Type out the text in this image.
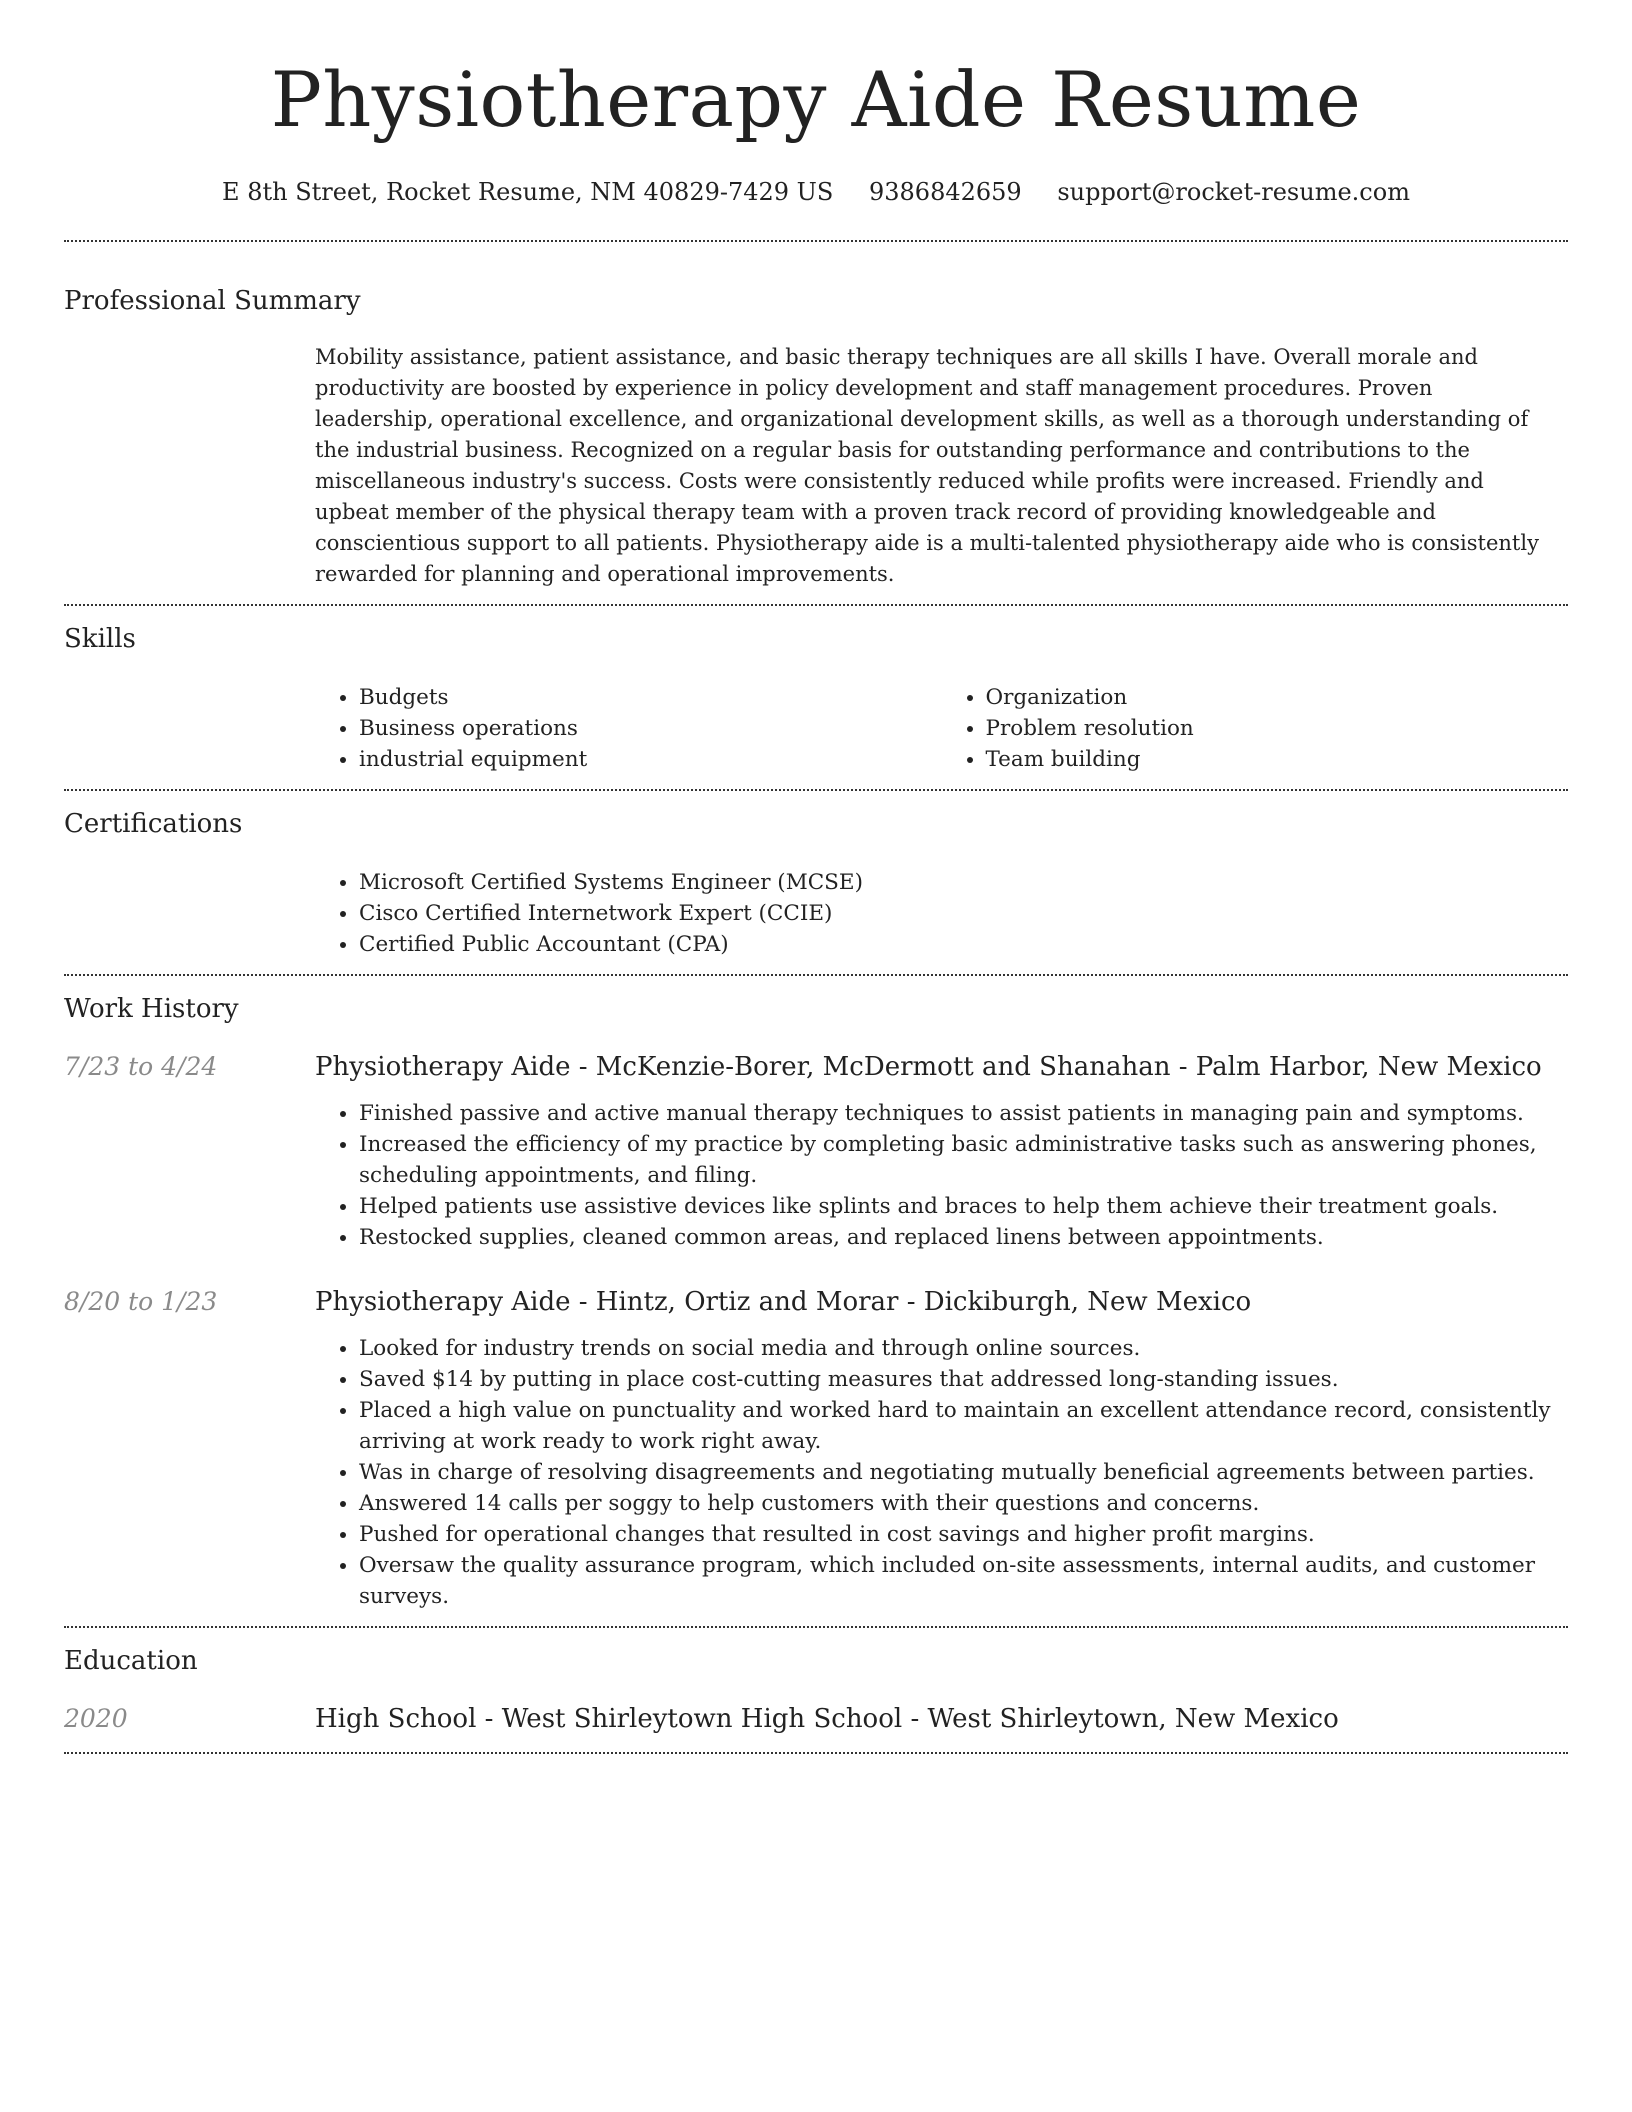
Physiotherapy Aide Resume
E 8th Street, Rocket Resume, NM 40829-7429 US 9386842659 support@rocket-resume.com
Professional Summary
Mobility assistance, patient assistance, and basic therapy techniques are all skills I have. Overall morale and productivity are boosted by experience in policy development and staff management procedures. Proven leadership, operational excellence, and organizational development skills, as well as a thorough understanding of the industrial business. Recognized on a regular basis for outstanding performance and contributions to the miscellaneous industry's success. Costs were consistently reduced while profits were increased. Friendly and upbeat member of the physical therapy team with a proven track record of providing knowledgeable and conscientious support to all patients. Physiotherapy aide is a multi-talented physiotherapy aide who is consistently rewarded for planning and operational improvements.
Skills
• Budgets
• Business operations
• industrial equipment
• Organization
• Problem resolution
• Team building
Certifications
• Microsoft Certified Systems Engineer (MCSE)
• Cisco Certified Internetwork Expert (CCIE)
• Certified Public Accountant (CPA)
Work History
7/23 to 4/24	Physiotherapy Aide - McKenzie-Borer, McDermott and Shanahan - Palm Harbor, New Mexico
• Finished passive and active manual therapy techniques to assist patients in managing pain and symptoms.
• Increased the efficiency of my practice by completing basic administrative tasks such as answering phones, scheduling appointments, and filing.
• Helped patients use assistive devices like splints and braces to help them achieve their treatment goals.
• Restocked supplies, cleaned common areas, and replaced linens between appointments.
8/20 to 1/23	Physiotherapy Aide - Hintz, Ortiz and Morar - Dickiburgh, New Mexico
• Looked for industry trends on social media and through online sources.
• Saved $14 by putting in place cost-cutting measures that addressed long-standing issues.
• Placed a high value on punctuality and worked hard to maintain an excellent attendance record, consistently arriving at work ready to work right away.
• Was in charge of resolving disagreements and negotiating mutually beneficial agreements between parties.
• Answered 14 calls per soggy to help customers with their questions and concerns.
• Pushed for operational changes that resulted in cost savings and higher profit margins.
• Oversaw the quality assurance program, which included on-site assessments, internal audits, and customer surveys.
Education
2020	High School - West Shirleytown High School - West Shirleytown, New Mexico
